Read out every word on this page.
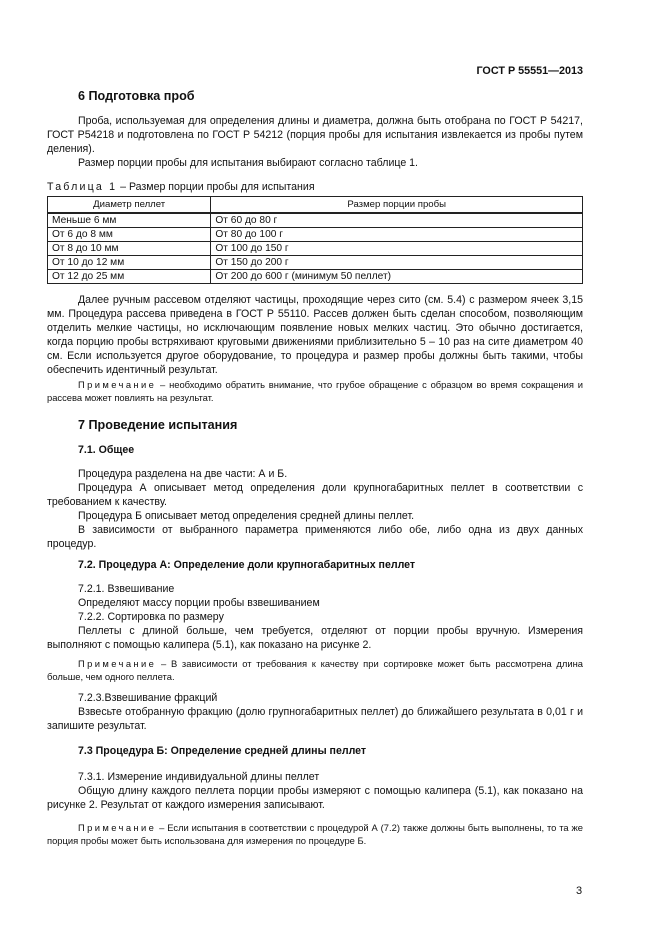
ГОСТ Р 55551—2013
6 Подготовка проб

Проба, используемая для определения длины и диаметра, должна быть отобрана по ГОСТ Р 54217, ГОСТ Р54218 и подготовлена по ГОСТ Р 54212 (порция пробы для испытания извлекается из пробы путем деления).

Размер порции пробы для испытания выбирают согласно таблице 1.

Таблица 1 – Размер порции пробы для испытания
Диаметр пеллет	Размер порции пробы
Меньше 6 мм	От 60 до 80 г
От 6 до 8 мм	От 80 до 100 г
От 8 до 10 мм	От 100 до 150 г
От 10 до 12 мм	От 150 до 200 г
От 12 до 25 мм	От 200 до 600 г (минимум 50 пеллет)

Далее ручным рассевом отделяют частицы, проходящие через сито (см. 5.4) с размером ячеек 3,15 мм. Процедура рассева приведена в ГОСТ Р 55110. Рассев должен быть сделан способом, позволяющим отделить мелкие частицы, но исключающим появление новых мелких частиц. Это обычно достигается, когда порцию пробы встряхивают круговыми движениями приблизительно 5 – 10 раз на сите диаметром 40 см. Если используется другое оборудование, то процедура и размер пробы должны быть такими, чтобы обеспечить идентичный результат.

Примечание – необходимо обратить внимание, что грубое обращение с образцом во время сокращения и рассева может повлиять на результат.

7 Проведение испытания
7.1. Общее

Процедура разделена на две части: А и Б.

Процедура А описывает метод определения доли крупногабаритных пеллет в соответствии с требованием к качеству.

Процедура Б описывает метод определения средней длины пеллет.

В зависимости от выбранного параметра применяются либо обе, либо одна из двух данных процедур.

7.2. Процедура А: Определение доли крупногабаритных пеллет

7.2.1. Взвешивание

Определяют массу порции пробы взвешиванием

7.2.2. Сортировка по размеру

Пеллеты с длиной больше, чем требуется, отделяют от порции пробы вручную. Измерения выполняют с помощью калипера (5.1), как показано на рисунке 2.

Примечание – В зависимости от требования к качеству при сортировке может быть рассмотрена длина больше, чем одного пеллета.

7.2.3.Взвешивание фракций

Взвесьте отобранную фракцию (долю групногабаритных пеллет) до ближайшего результата в 0,01 г и запишите результат.

7.3 Процедура Б: Определение средней длины пеллет

7.3.1. Измерение индивидуальной длины пеллет

Общую длину каждого пеллета порции пробы измеряют с помощью калипера (5.1), как показано на рисунке 2. Результат от каждого измерения записывают.

Примечание – Если испытания в соответствии с процедурой А (7.2) также должны быть выполнены, то та же порция пробы может быть использована для измерения по процедуре Б.

3
